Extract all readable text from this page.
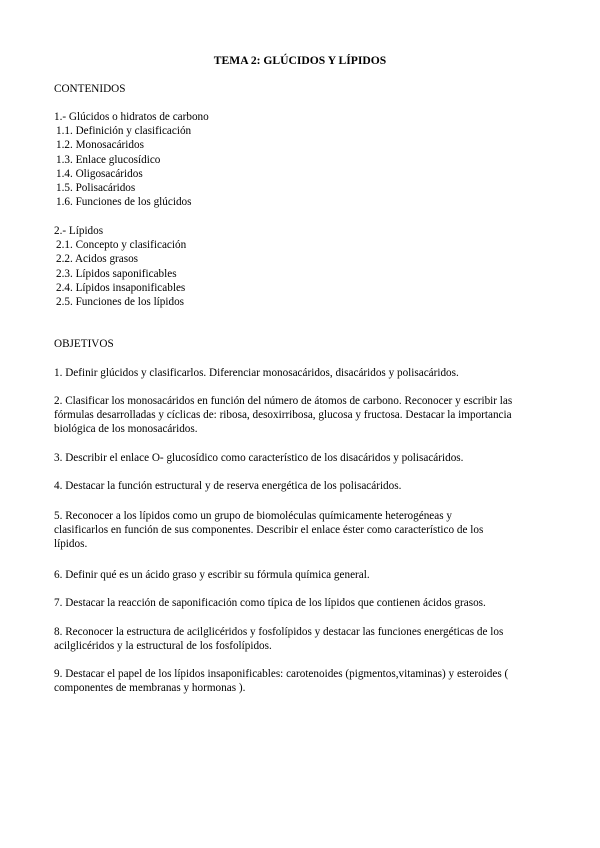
TEMA 2: GLÚCIDOS Y LÍPIDOS
CONTENIDOS
1.- Glúcidos o hidratos de carbono
1.1. Definición y clasificación
1.2. Monosacáridos
1.3. Enlace glucosídico
1.4. Oligosacáridos
1.5. Polisacáridos
1.6. Funciones de los glúcidos
2.- Lípidos
2.1. Concepto y clasificación
2.2. Acidos grasos
2.3. Lípidos saponificables
2.4. Lípidos insaponificables
2.5. Funciones de los lípidos
OBJETIVOS

1. Definir glúcidos y clasificarlos. Diferenciar monosacáridos, disacáridos y polisacáridos.

2. Clasificar los monosacáridos en función del número de átomos de carbono. Reconocer y escribir las fórmulas desarrolladas y cíclicas de: ribosa, desoxirribosa, glucosa y fructosa. Destacar la importancia biológica de los monosacáridos.

3. Describir el enlace O- glucosídico como característico de los disacáridos y polisacáridos.

4. Destacar la función estructural y de reserva energética de los polisacáridos.

5. Reconocer a los lípidos como un grupo de biomoléculas químicamente heterogéneas y clasificarlos en función de sus componentes. Describir el enlace éster como característico de los lípidos.

6. Definir qué es un ácido graso y escribir su fórmula química general.

7. Destacar la reacción de saponificación como típica de los lípidos que contienen ácidos grasos.

8. Reconocer la estructura de acilglicéridos y fosfolípidos y destacar las funciones energéticas de los acilglicéridos y la estructural de los fosfolípidos.

9. Destacar el papel de los lípidos insaponificables: carotenoides (pigmentos,vitaminas) y esteroides ( componentes de membranas y hormonas ).
